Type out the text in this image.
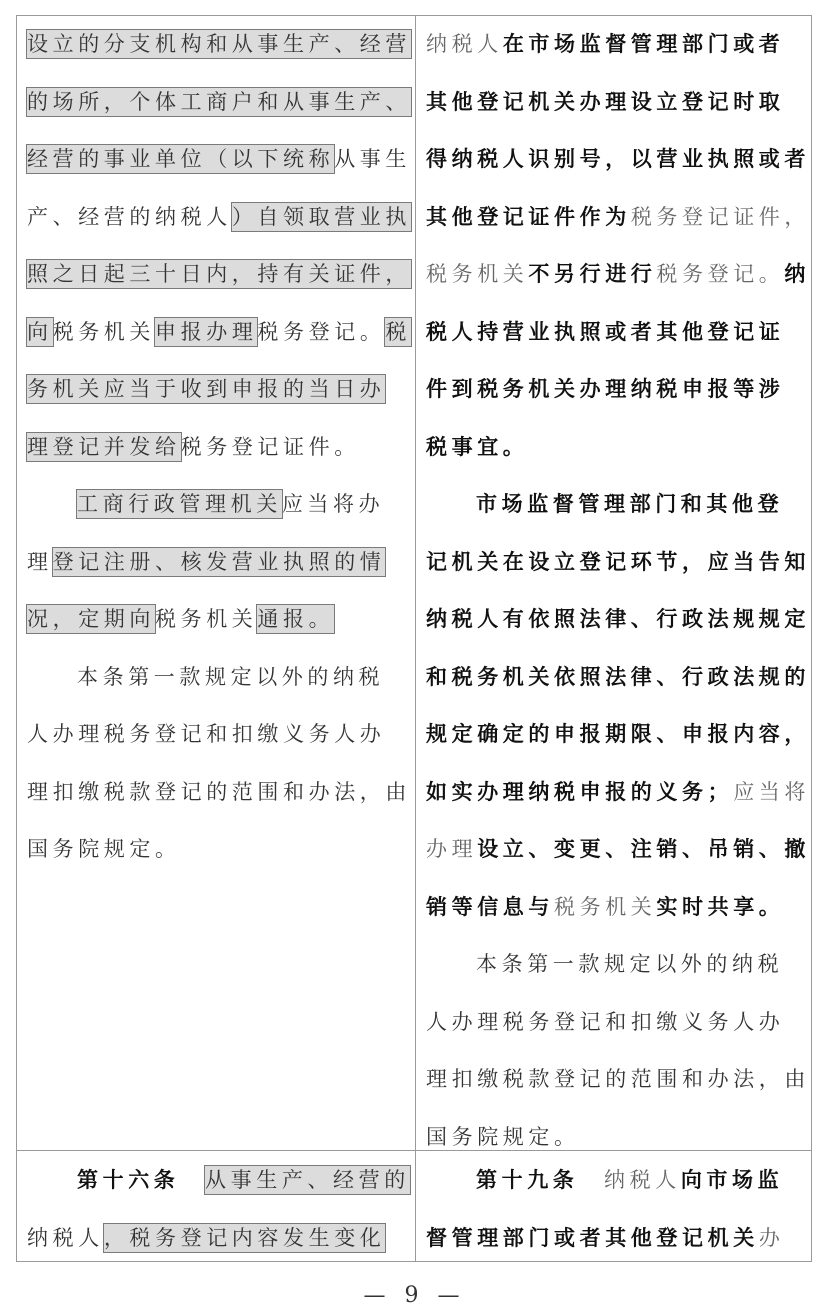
设立的分支机构和从事生产、经营
的场所，个体工商户和从事生产、
经营的事业单位（以下统称从事生
产、经营的纳税人）自领取营业执
照之日起三十日内，持有关证件，
向税务机关申报办理税务登记。税
务机关应当于收到申报的当日办
理登记并发给税务登记证件。
工商行政管理机关应当将办
理登记注册、核发营业执照的情
况，定期向税务机关通报。
本条第一款规定以外的纳税
人办理税务登记和扣缴义务人办
理扣缴税款登记的范围和办法，由
国务院规定。
纳税人在市场监督管理部门或者
其他登记机关办理设立登记时取
得纳税人识别号，以营业执照或者
其他登记证件作为税务登记证件，
税务机关不另行进行税务登记。纳
税人持营业执照或者其他登记证
件到税务机关办理纳税申报等涉
税事宜。
市场监督管理部门和其他登
记机关在设立登记环节，应当告知
纳税人有依照法律、行政法规规定
和税务机关依照法律、行政法规的
规定确定的申报期限、申报内容，
如实办理纳税申报的义务；应当将
办理设立、变更、注销、吊销、撤
销等信息与税务机关实时共享。
本条第一款规定以外的纳税
人办理税务登记和扣缴义务人办
理扣缴税款登记的范围和办法，由
国务院规定。
第十六条　 从事生产、经营的
纳税人，税务登记内容发生变化
第十九条　 纳税人向市场监
督管理部门或者其他登记机关办
— 9 —
